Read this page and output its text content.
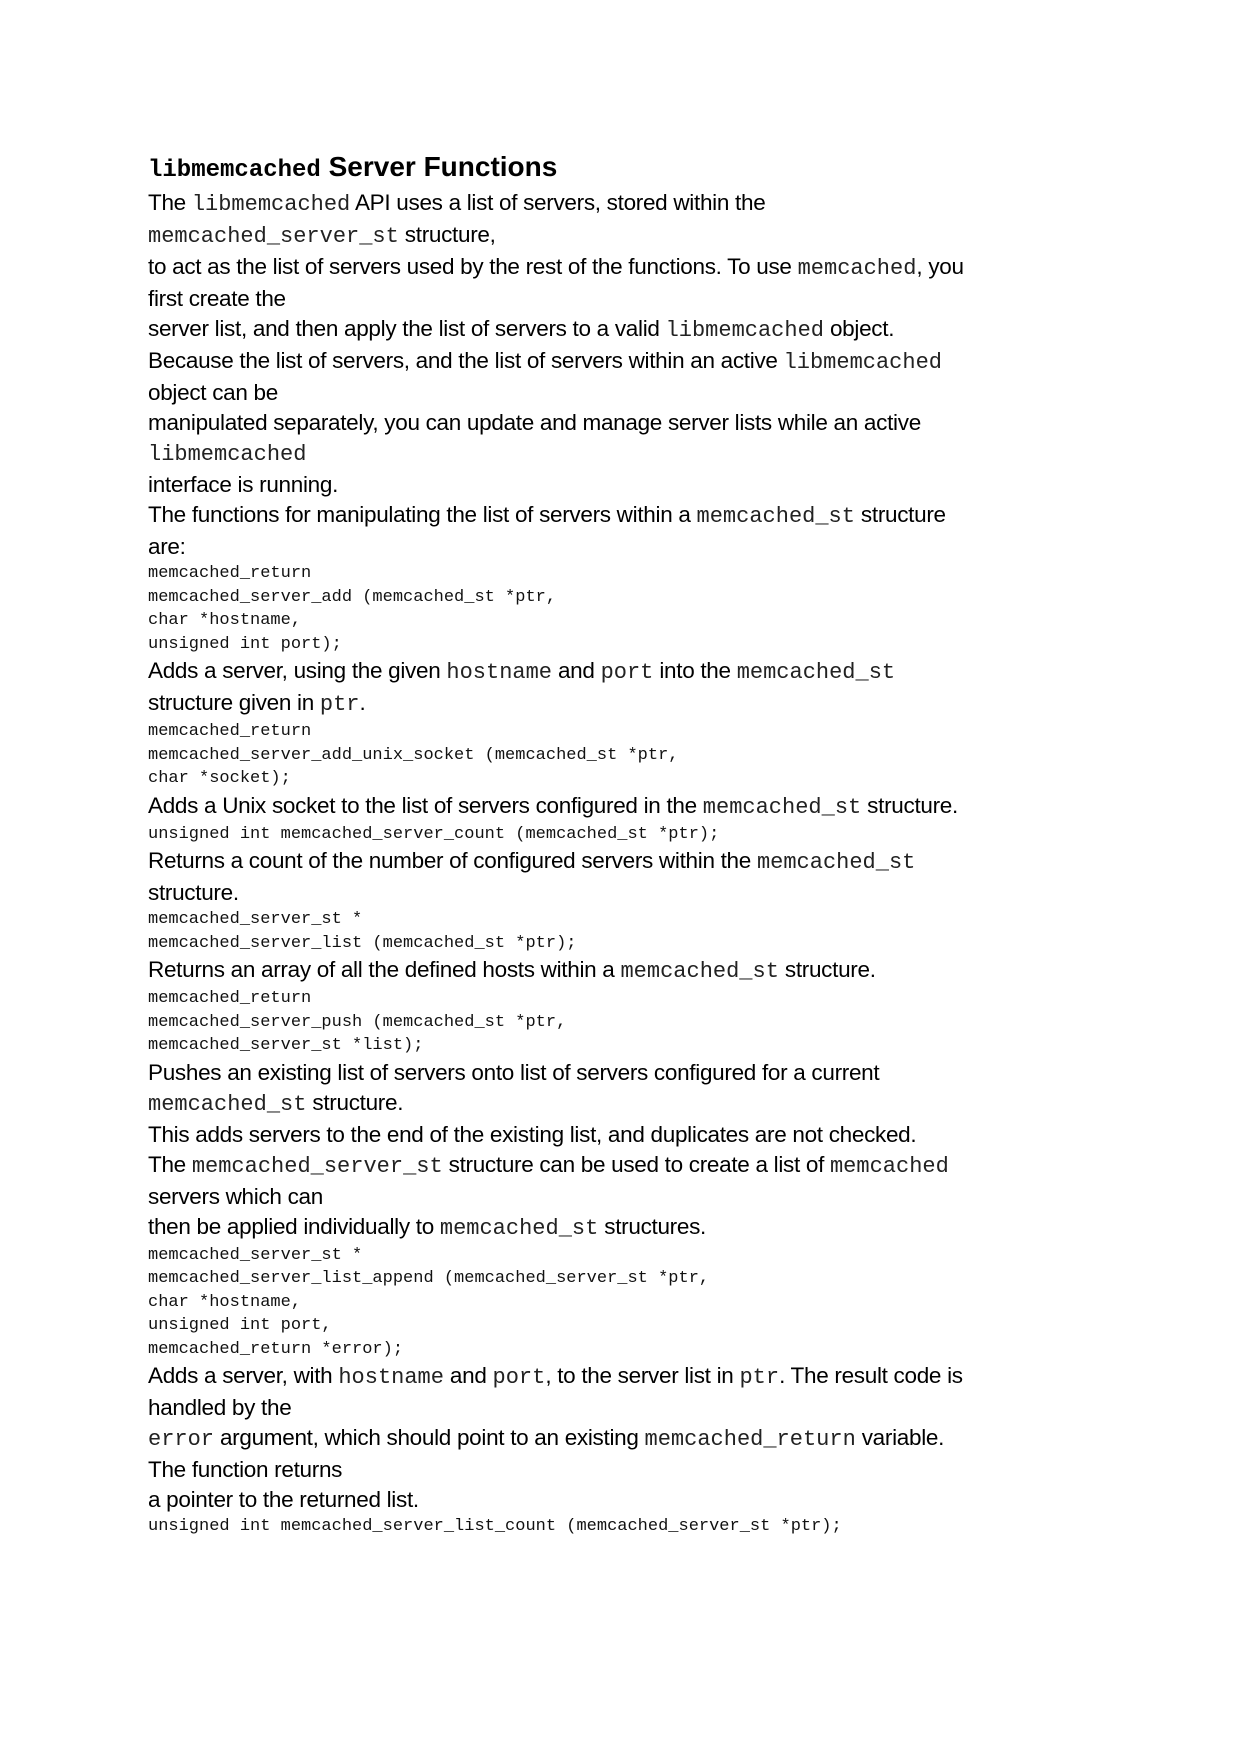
libmemcached Server Functions
The libmemcached API uses a list of servers, stored within the
memcached_server_st structure,
to act as the list of servers used by the rest of the functions. To use memcached, you
first create the
server list, and then apply the list of servers to a valid libmemcached object.
Because the list of servers, and the list of servers within an active libmemcached
object can be
manipulated separately, you can update and manage server lists while an active
libmemcached
interface is running.
The functions for manipulating the list of servers within a memcached_st structure
are:
memcached_return
memcached_server_add (memcached_st *ptr,
char *hostname,
unsigned int port);
Adds a server, using the given hostname and port into the memcached_st
structure given in ptr.
memcached_return
memcached_server_add_unix_socket (memcached_st *ptr,
char *socket);
Adds a Unix socket to the list of servers configured in the memcached_st structure.
unsigned int memcached_server_count (memcached_st *ptr);
Returns a count of the number of configured servers within the memcached_st
structure.
memcached_server_st *
memcached_server_list (memcached_st *ptr);
Returns an array of all the defined hosts within a memcached_st structure.
memcached_return
memcached_server_push (memcached_st *ptr,
memcached_server_st *list);
Pushes an existing list of servers onto list of servers configured for a current
memcached_st structure.
This adds servers to the end of the existing list, and duplicates are not checked.
The memcached_server_st structure can be used to create a list of memcached
servers which can
then be applied individually to memcached_st structures.
memcached_server_st *
memcached_server_list_append (memcached_server_st *ptr,
char *hostname,
unsigned int port,
memcached_return *error);
Adds a server, with hostname and port, to the server list in ptr. The result code is
handled by the
error argument, which should point to an existing memcached_return variable.
The function returns
a pointer to the returned list.
unsigned int memcached_server_list_count (memcached_server_st *ptr);
